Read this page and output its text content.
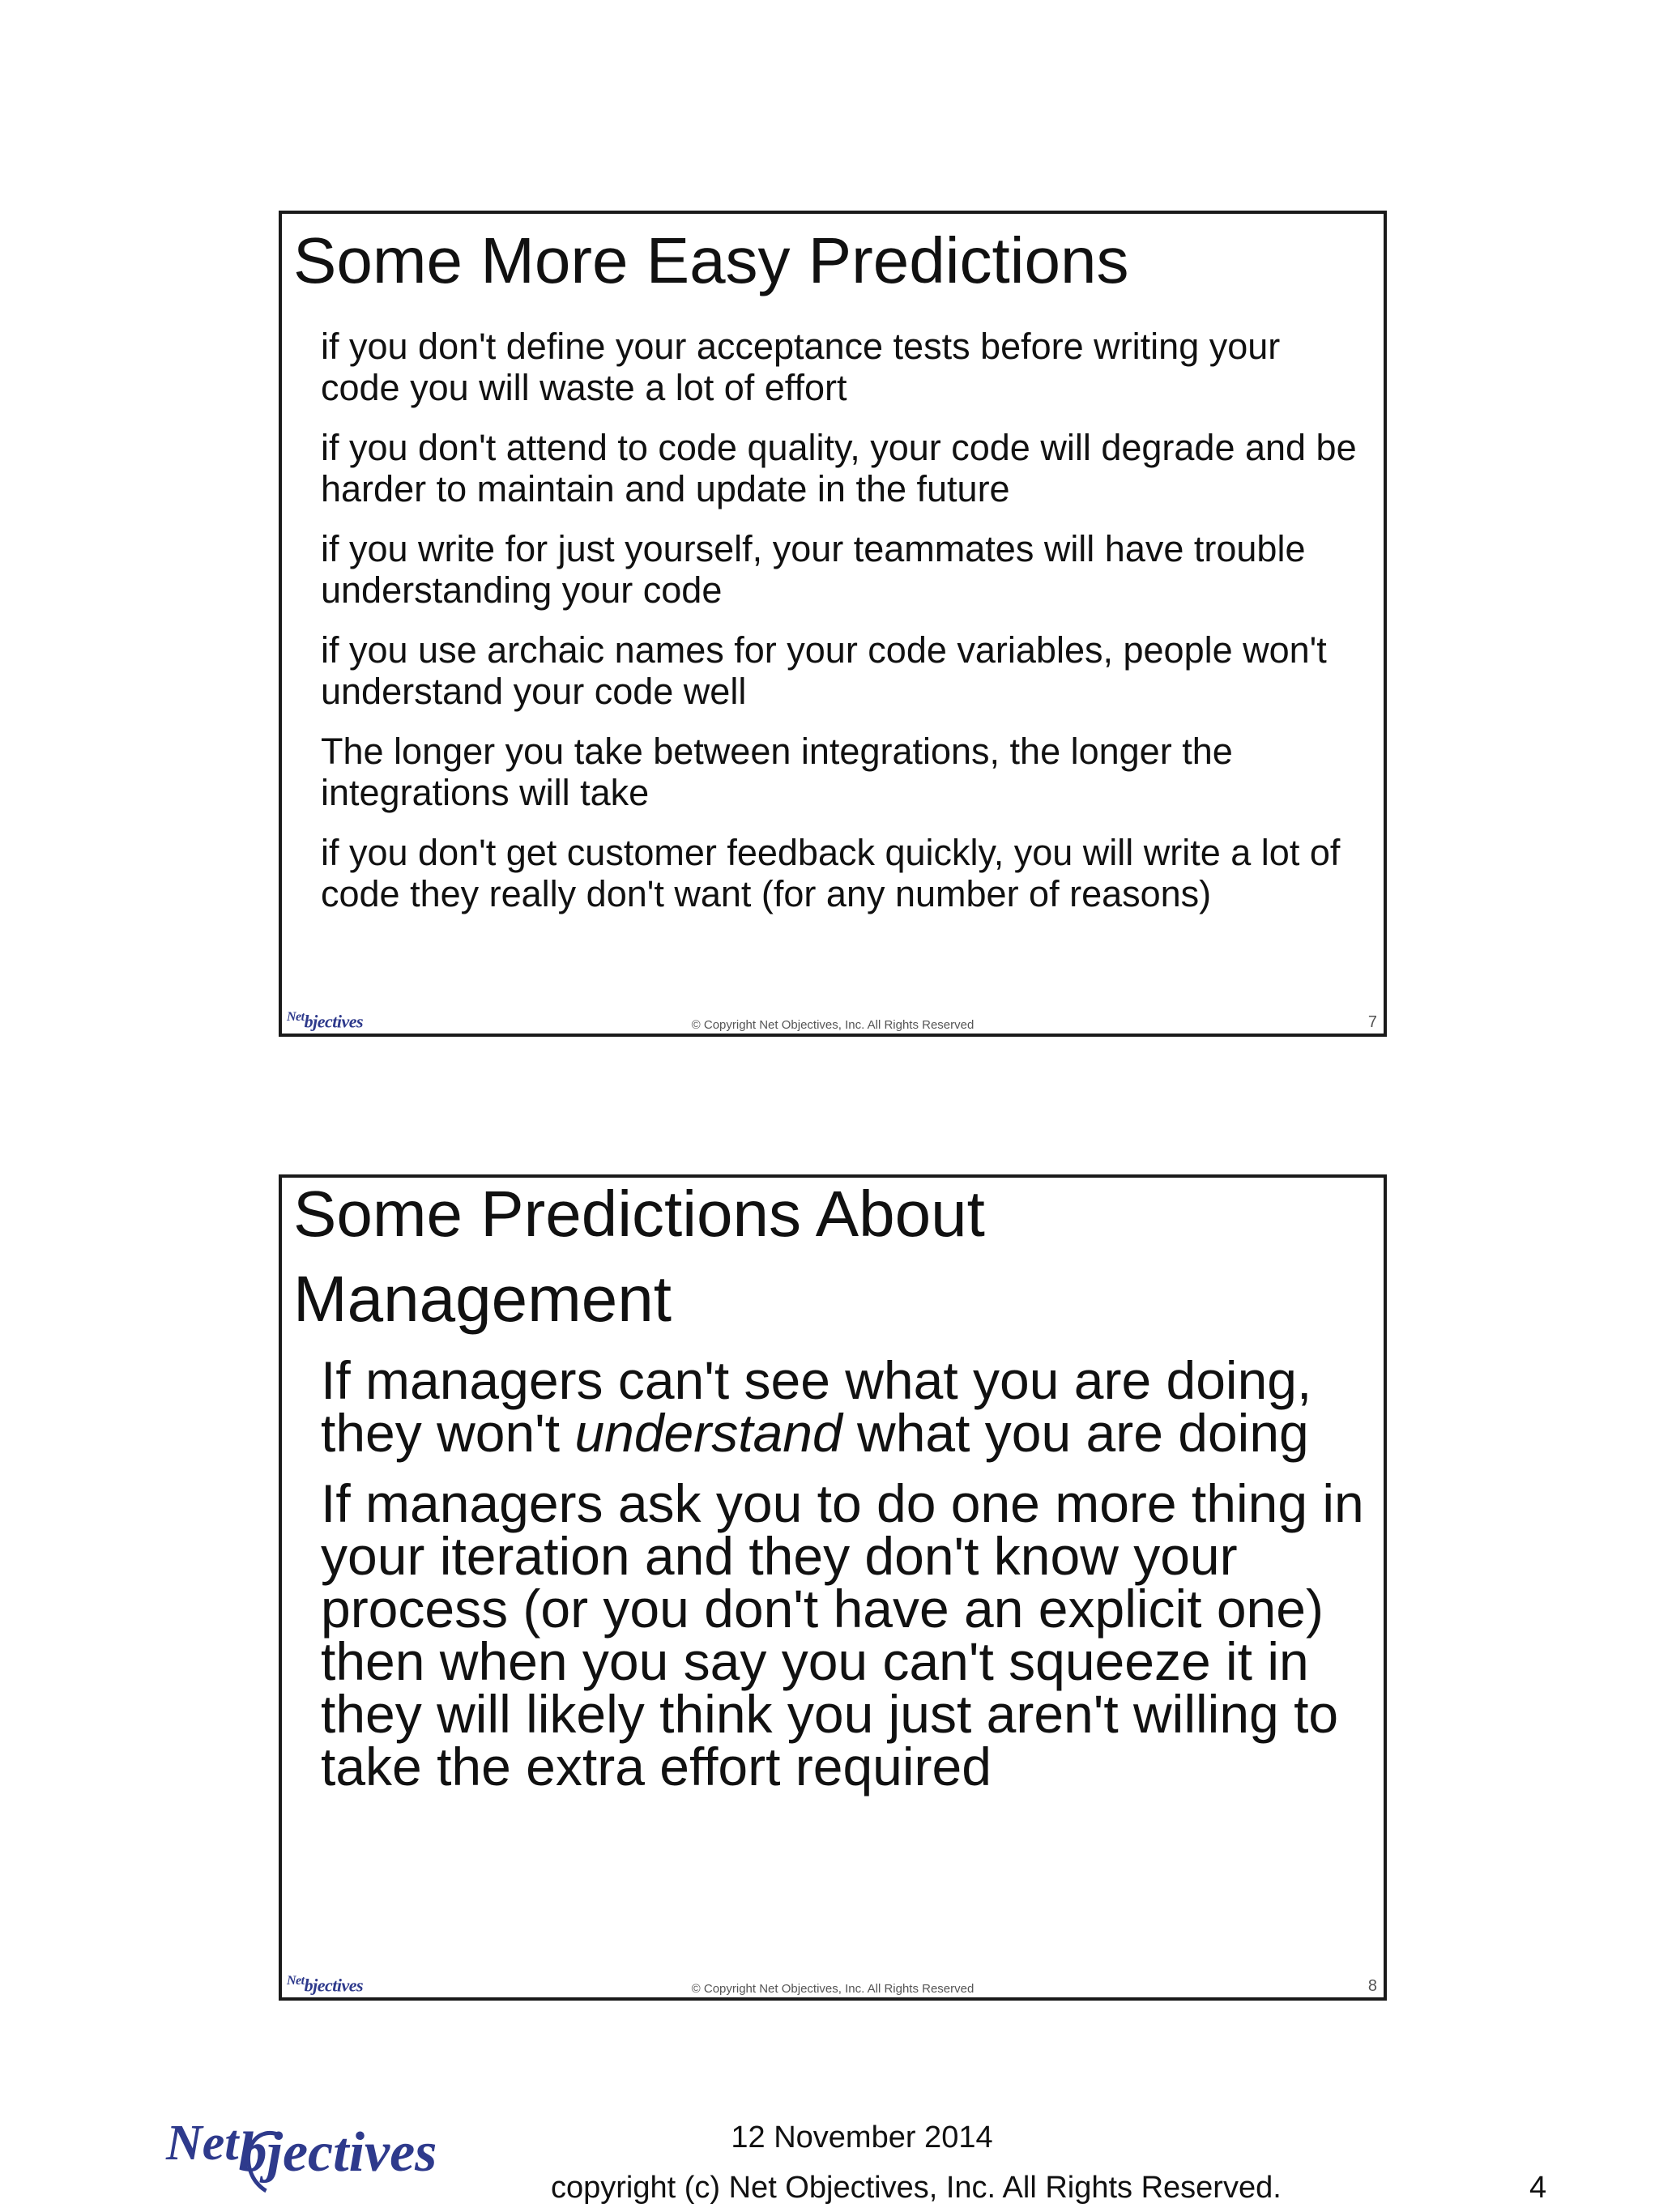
Some More Easy Predictions
if you don't define your acceptance tests before writing your code you will waste a lot of effort
if you don't attend to code quality, your code will degrade and be harder to maintain and update in the future
if you write for just yourself, your teammates will have trouble understanding your code
if you use archaic names for your code variables, people won't understand your code well
The longer you take between integrations, the longer the integrations will take
if you don't get customer feedback quickly, you will write a lot of code they really don't want (for any number of reasons)
$^{Net}$bjectives	© Copyright Net Objectives, Inc. All Rights Reserved	7
Some Predictions About Management
If managers can't see what you are doing, they won't understand what you are doing
If managers ask you to do one more thing in your iteration and they don't know your process (or you don't have an explicit one) then when you say you can't squeeze it in they will likely think you just aren't willing to take the extra effort required
$^{Net}$bjectives	© Copyright Net Objectives, Inc. All Rights Reserved	8
Netbjectives	12 November 2014
copyright (c) Net Objectives, Inc. All Rights Reserved.	4
